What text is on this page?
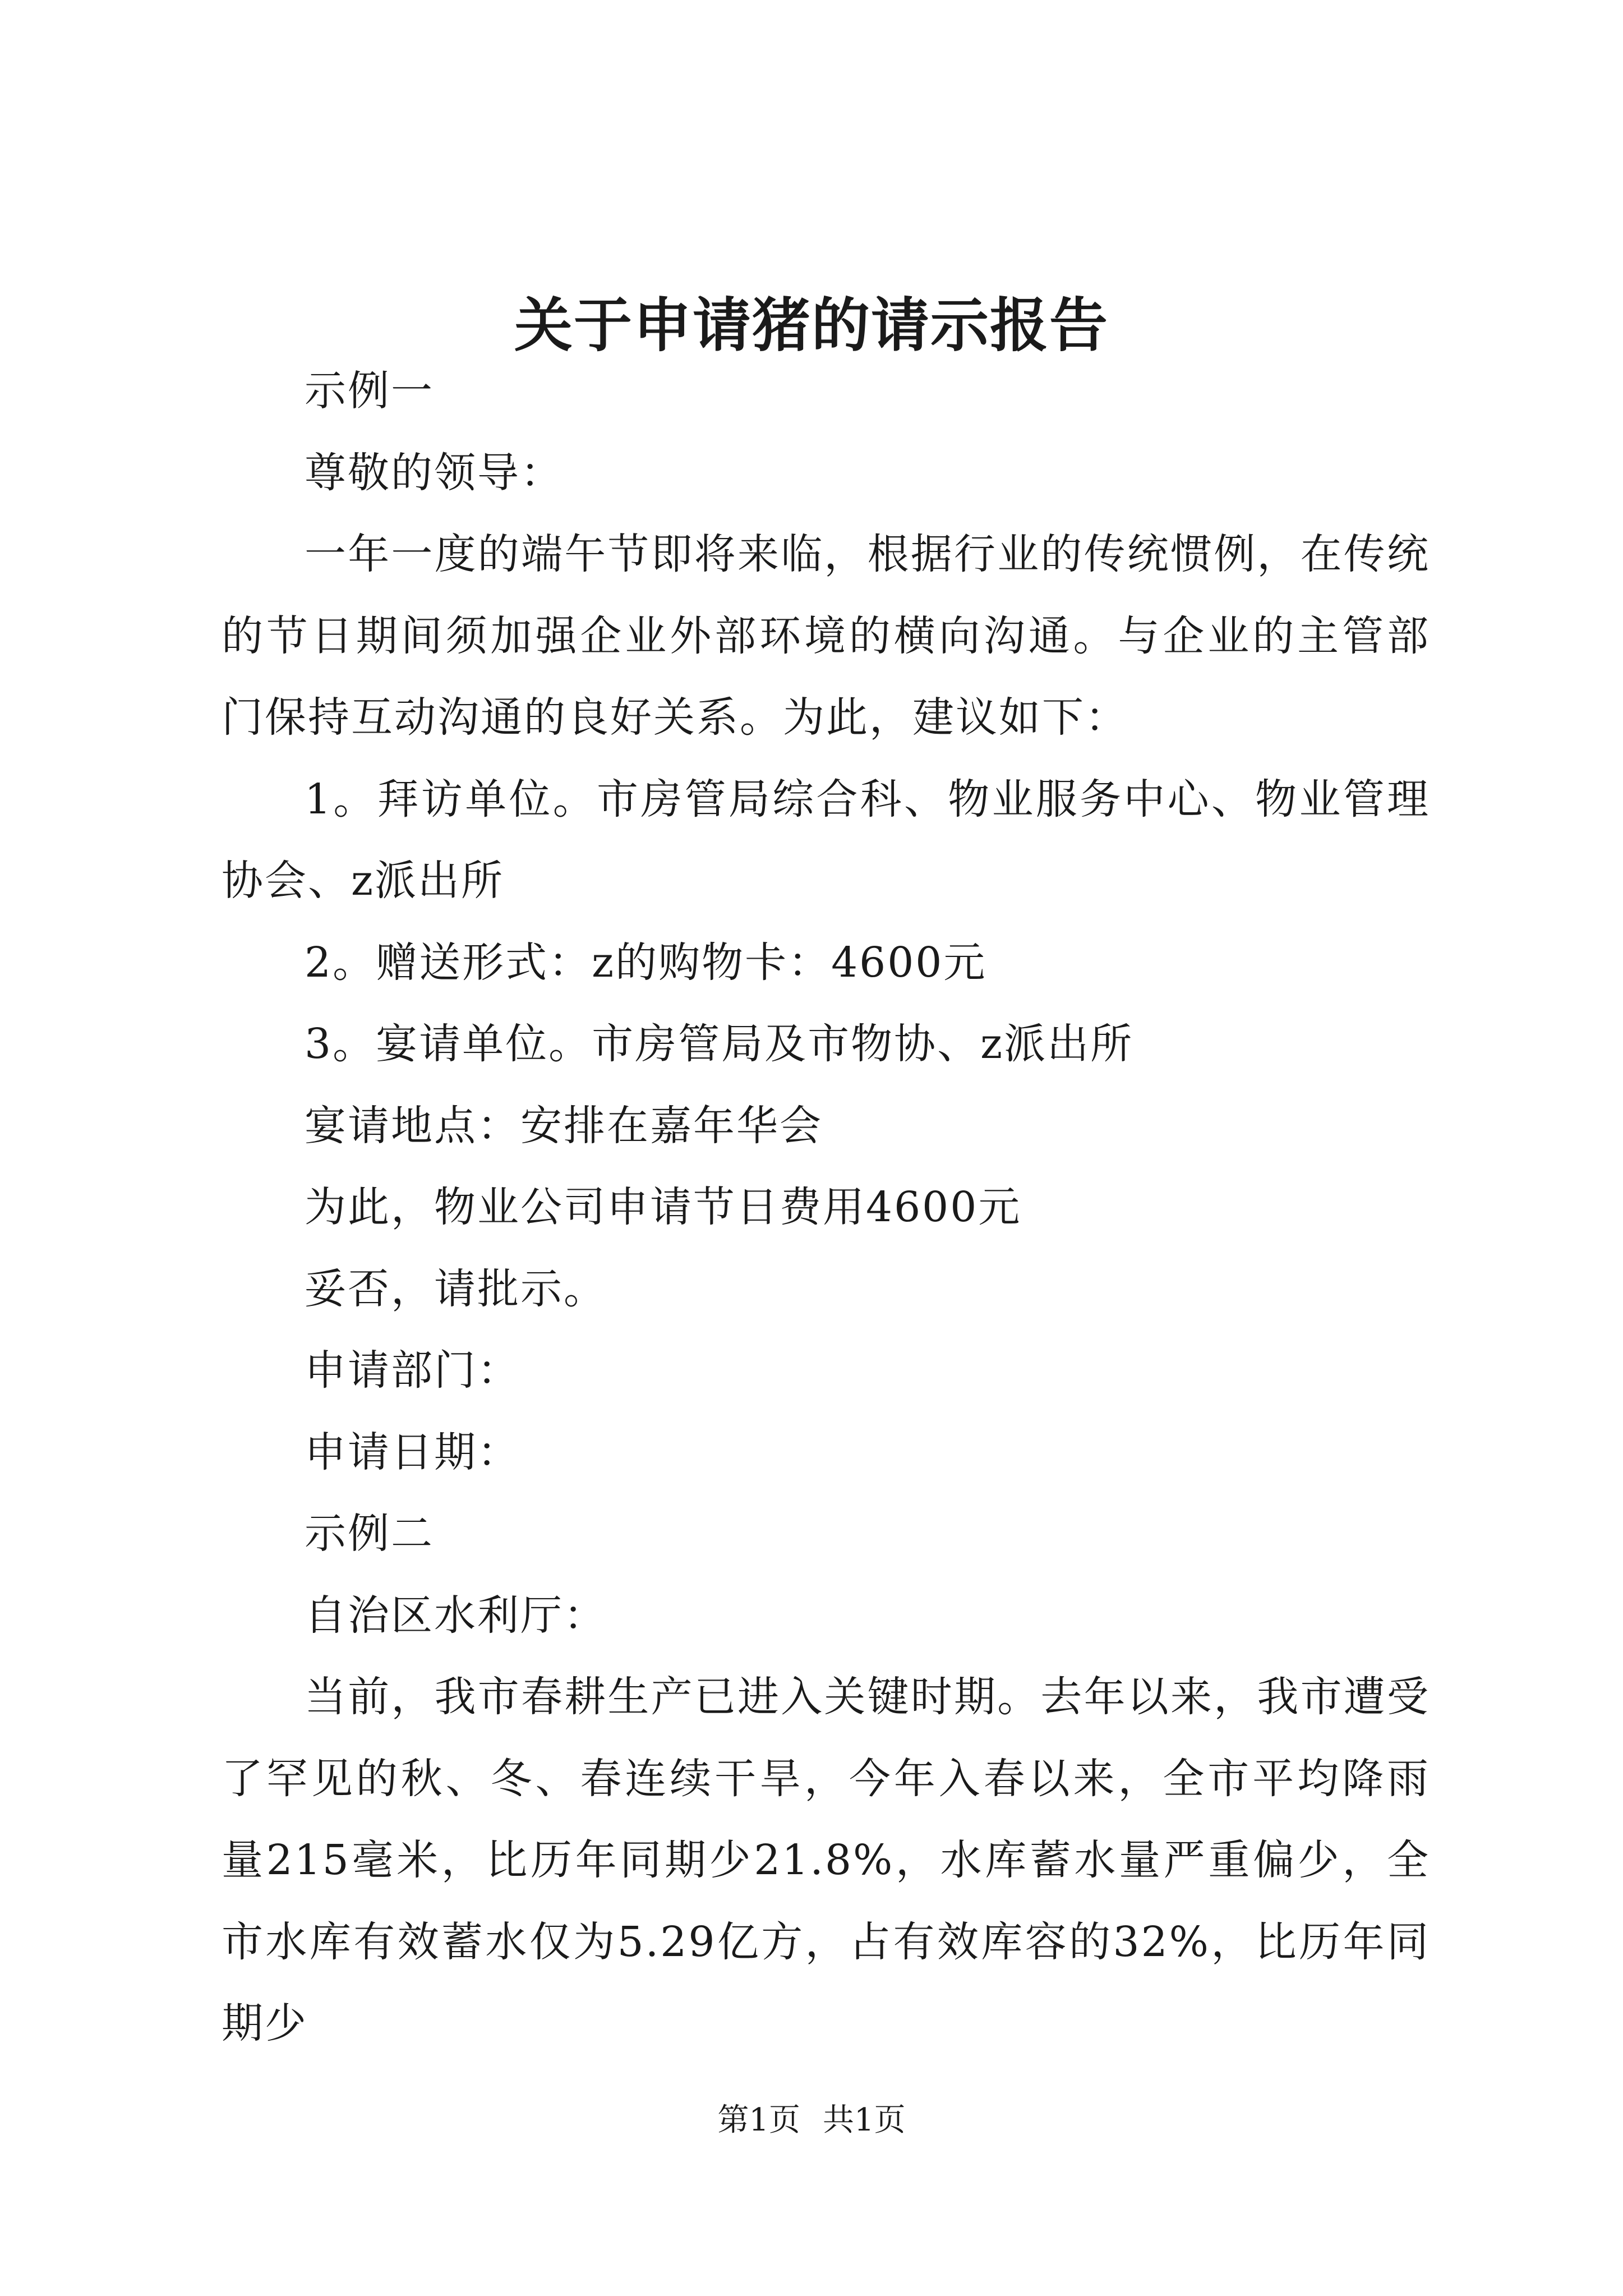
关于申请猪的请示报告

示例一

尊敬的领导：

一年一度的端午节即将来临，根据行业的传统惯例，在传统的节日期间须加强企业外部环境的横向沟通。与企业的主管部门保持互动沟通的良好关系。为此，建议如下：

1。拜访单位。市房管局综合科、物业服务中心、物业管理协会、z派出所

2。赠送形式：z的购物卡：4600元

3。宴请单位。市房管局及市物协、z派出所

宴请地点：安排在嘉年华会

为此，物业公司申请节日费用4600元

妥否，请批示。

申请部门：

申请日期：

示例二

自治区水利厅：

当前，我市春耕生产已进入关键时期。去年以来，我市遭受了罕见的秋、冬、春连续干旱，今年入春以来，全市平均降雨量215毫米，比历年同期少21.8%，水库蓄水量严重偏少，全市水库有效蓄水仅为5.29亿方，占有效库容的32%，比历年同期少

第1页 共1页
